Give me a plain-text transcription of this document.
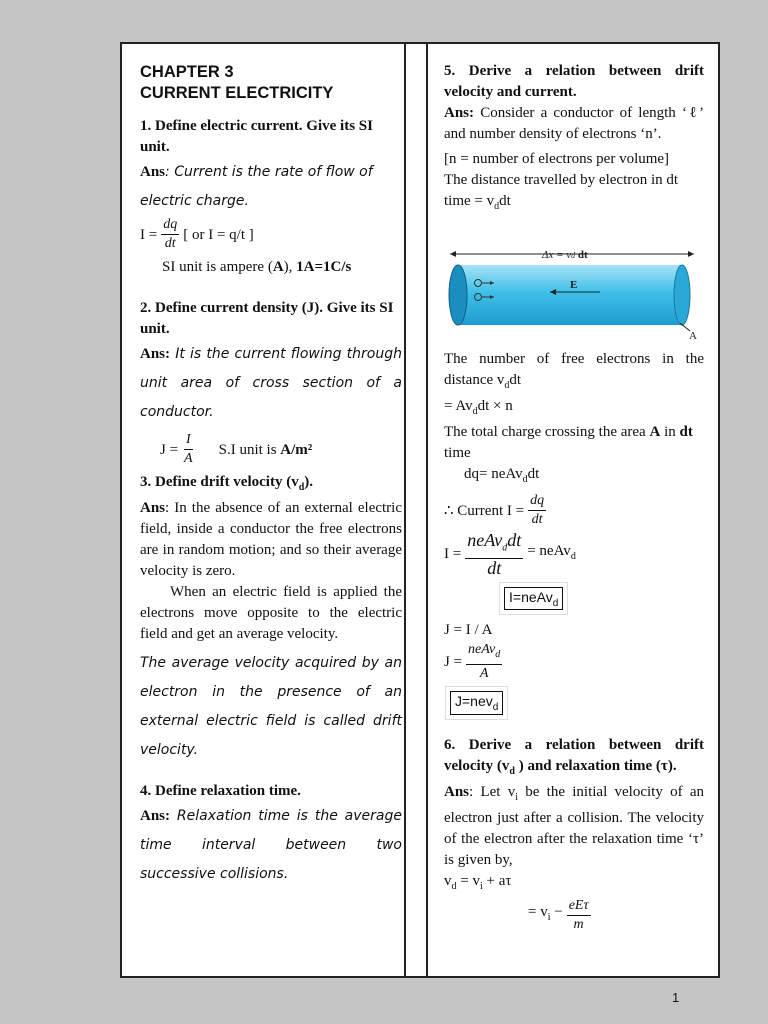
CHAPTER 3
CURRENT ELECTRICITY

1. Define electric current. Give its SI unit.

Ans: Current is the rate of flow of electric charge.

$I = \frac{dq}{dt}$ [ or I = q/t ]

SI unit is ampere (A), 1A=1C/s

2. Define current density (J). Give its SI unit.

Ans: It is the current flowing through unit area of cross section of a conductor.

$J = \frac{I}{A} S.I$ unit is A/m²

3. Define drift velocity $(v_d)$.

Ans: In the absence of an external electric field, inside a conductor the free electrons are in random motion; and so their average velocity is zero.

When an electric field is applied the electrons move opposite to the electric field and get an average velocity.

The average velocity acquired by an electron in the presence of an external electric field is called drift velocity.

4. Define relaxation time.

Ans: Relaxation time is the average time interval between two successive collisions.

5. Derive a relation between drift velocity and current.

Ans: Consider a conductor of length ‘ℓ’ and number density of electrons ‘n’.

[n = number of electrons per volume]

The distance travelled by electron in dt time = $v_ddt$

Δx = vd dt
E
A

The number of free electrons in the distance $v_ddt$

= $Av_ddt \times n$

The total charge crossing the area A in dt time

dq= neAv$_d$dt

∴ Current $I = \frac{dq}{dt}$
$I = \frac{neAv_ddt}{dt}$ = neAv$_d$
I=neAv$_d$

J = I / A

$J = \frac{neAv_d}{A}$
J=nev$_d$

6. Derive a relation between drift velocity ($v_d$ ) and relaxation time (τ).

Ans: Let $v_i$ be the initial velocity of an electron just after a collision. The velocity of the electron after the relaxation time ‘τ’ is given by,

$v_d = v_i + a\tau$

= $v_i - \frac{\text{eEτ}}{m}$
1
